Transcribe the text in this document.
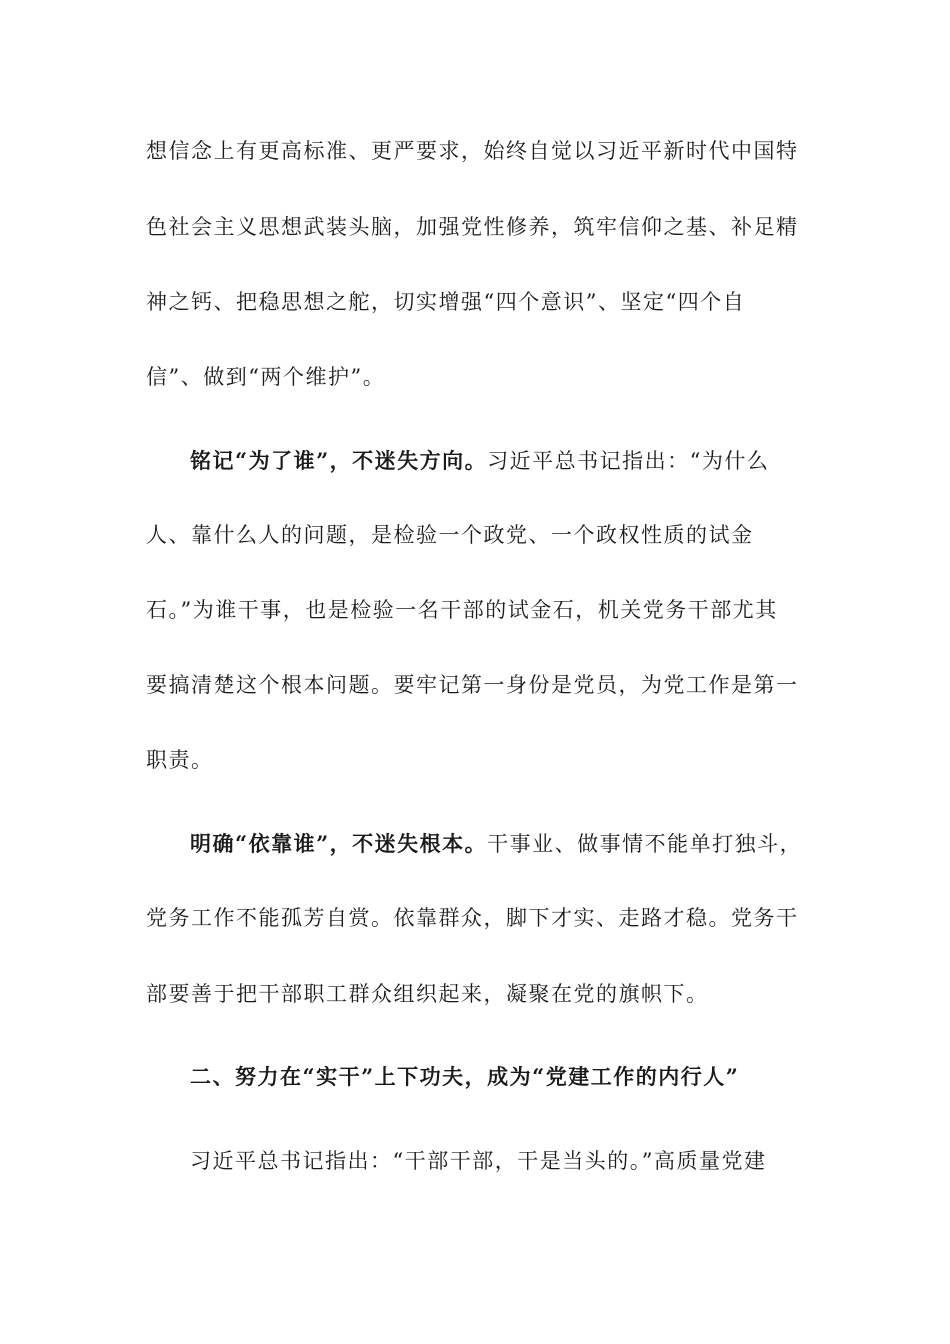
想信念上有更高标准、更严要求，始终自觉以习近平新时代中国特
色社会主义思想武装头脑，加强党性修养，筑牢信仰之基、补足精
神之钙、把稳思想之舵，切实增强“四个意识”、坚定“四个自
信”、做到“两个维护”。
铭记“为了谁”，不迷失方向。习近平总书记指出：“为什么
人、靠什么人的问题，是检验一个政党、一个政权性质的试金
石。”为谁干事，也是检验一名干部的试金石，机关党务干部尤其
要搞清楚这个根本问题。要牢记第一身份是党员，为党工作是第一
职责。
明确“依靠谁”，不迷失根本。干事业、做事情不能单打独斗，
党务工作不能孤芳自赏。依靠群众，脚下才实、走路才稳。党务干
部要善于把干部职工群众组织起来，凝聚在党的旗帜下。
二、努力在“实干”上下功夫，成为“党建工作的内行人”
习近平总书记指出：“干部干部，干是当头的。”高质量党建
